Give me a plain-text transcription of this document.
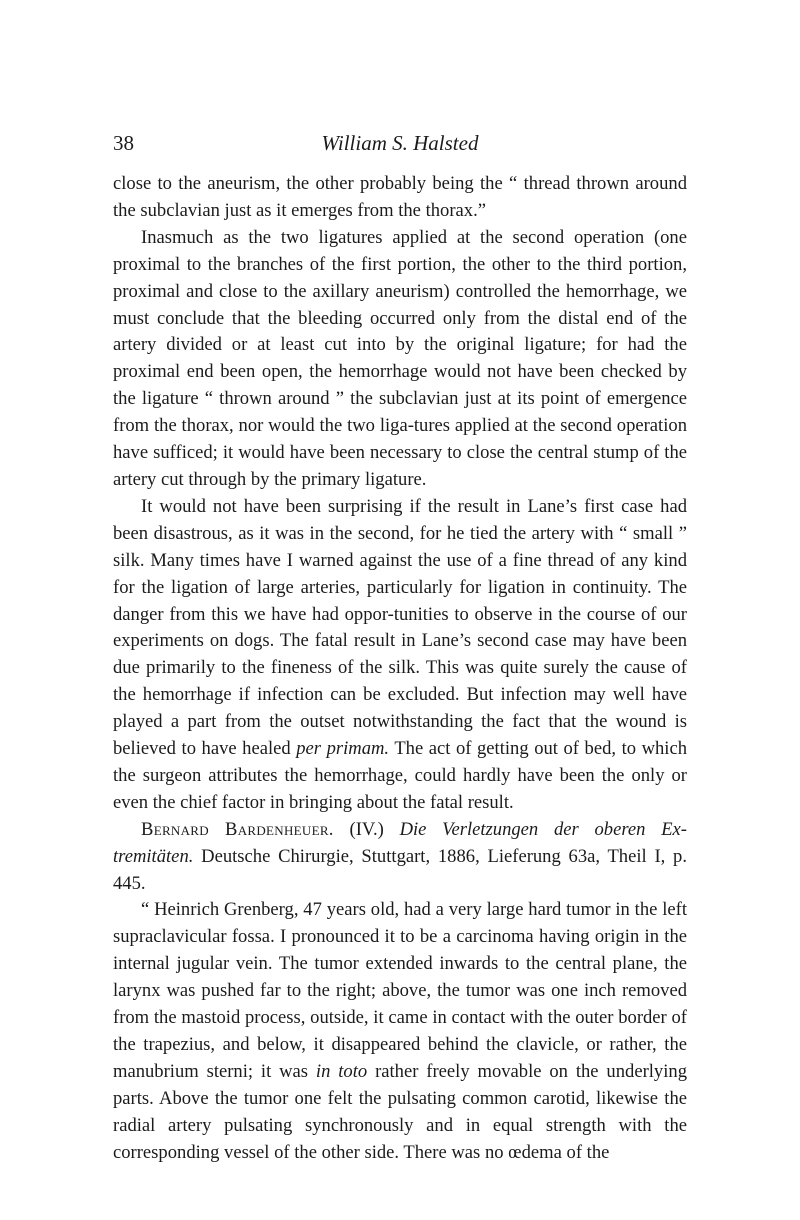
38	William S. Halsted

close to the aneurism, the other probably being the “ thread thrown around the subclavian just as it emerges from the thorax.”

Inasmuch as the two ligatures applied at the second operation (one proximal to the branches of the first portion, the other to the third portion, proximal and close to the axillary aneurism) controlled the hemorrhage, we must conclude that the bleeding occurred only from the distal end of the artery divided or at least cut into by the original ligature; for had the proximal end been open, the hemorrhage would not have been checked by the ligature “ thrown around ” the subclavian just at its point of emergence from the thorax, nor would the two liga-tures applied at the second operation have sufficed; it would have been necessary to close the central stump of the artery cut through by the primary ligature.

It would not have been surprising if the result in Lane’s first case had been disastrous, as it was in the second, for he tied the artery with “ small ” silk. Many times have I warned against the use of a fine thread of any kind for the ligation of large arteries, particularly for ligation in continuity. The danger from this we have had oppor-tunities to observe in the course of our experiments on dogs. The fatal result in Lane’s second case may have been due primarily to the fineness of the silk. This was quite surely the cause of the hemorrhage if infection can be excluded. But infection may well have played a part from the outset notwithstanding the fact that the wound is believed to have healed per primam. The act of getting out of bed, to which the surgeon attributes the hemorrhage, could hardly have been the only or even the chief factor in bringing about the fatal result.

Bernard Bardenheuer. (IV.) Die Verletzungen der oberen Ex-tremitäten. Deutsche Chirurgie, Stuttgart, 1886, Lieferung 63a, Theil I, p. 445.

“ Heinrich Grenberg, 47 years old, had a very large hard tumor in the left supraclavicular fossa. I pronounced it to be a carcinoma having origin in the internal jugular vein. The tumor extended inwards to the central plane, the larynx was pushed far to the right; above, the tumor was one inch removed from the mastoid process, outside, it came in contact with the outer border of the trapezius, and below, it disappeared behind the clavicle, or rather, the manubrium sterni; it was in toto rather freely movable on the underlying parts. Above the tumor one felt the pulsating common carotid, likewise the radial artery pulsating synchronously and in equal strength with the corresponding vessel of the other side. There was no œdema of the
